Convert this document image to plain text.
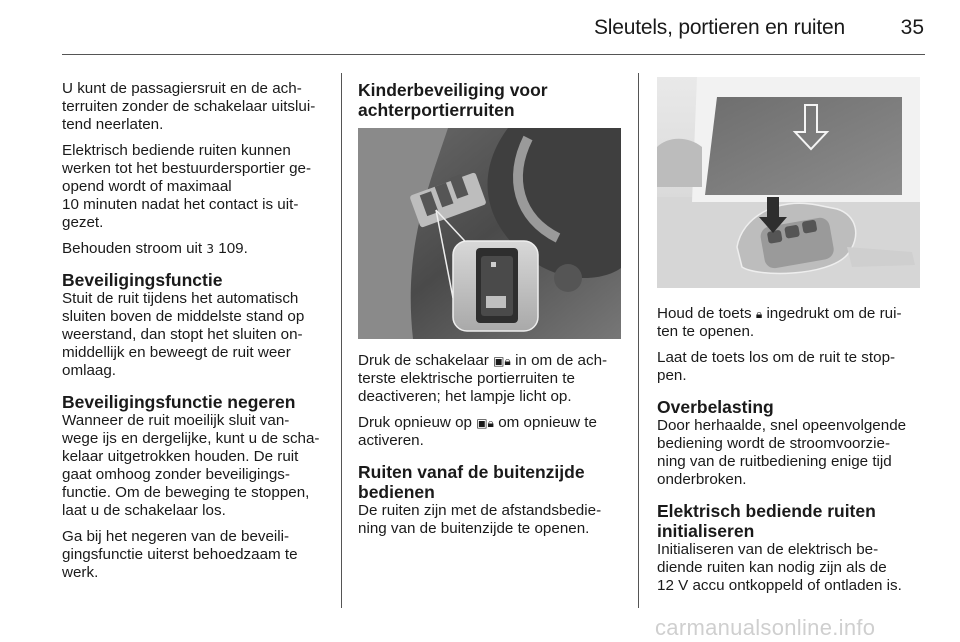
Sleutels, portieren en ruiten	35

U kunt de passagiersruit en de ach-
terruiten zonder de schakelaar uitslui-
tend neerlaten.

Elektrisch bediende ruiten kunnen
werken tot het bestuurdersportier ge-
opend wordt of maximaal
10 minuten nadat het contact is uit-
gezet.

Behouden stroom uit 3 109.

Beveiligingsfunctie

Stuit de ruit tijdens het automatisch
sluiten boven de middelste stand op
weerstand, dan stopt het sluiten on-
middellijk en beweegt de ruit weer
omlaag.

Beveiligingsfunctie negeren

Wanneer de ruit moeilijk sluit van-
wege ijs en dergelijke, kunt u de scha-
kelaar uitgetrokken houden. De ruit
gaat omhoog zonder beveiligings-
functie. Om de beweging te stoppen,
laat u de schakelaar los.

Ga bij het negeren van de beveili-
gingsfunctie uiterst behoedzaam te
werk.

Kinderbeveiliging voor
achterportierruiten

Druk de schakelaar ▣🔒︎ in om de ach-
terste elektrische portierruiten te
deactiveren; het lampje licht op.

Druk opnieuw op ▣🔒︎ om opnieuw te
activeren.

Ruiten vanaf de buitenzijde
bedienen

De ruiten zijn met de afstandsbedie-
ning van de buitenzijde te openen.

Houd de toets 🔒︎ ingedrukt om de rui-
ten te openen.

Laat de toets los om de ruit te stop-
pen.

Overbelasting

Door herhaalde, snel opeenvolgende
bediening wordt de stroomvoorzie-
ning van de ruitbediening enige tijd
onderbroken.

Elektrisch bediende ruiten
initialiseren

Initialiseren van de elektrisch be-
diende ruiten kan nodig zijn als de
12 V accu ontkoppeld of ontladen is.

carmanualsonline.info
